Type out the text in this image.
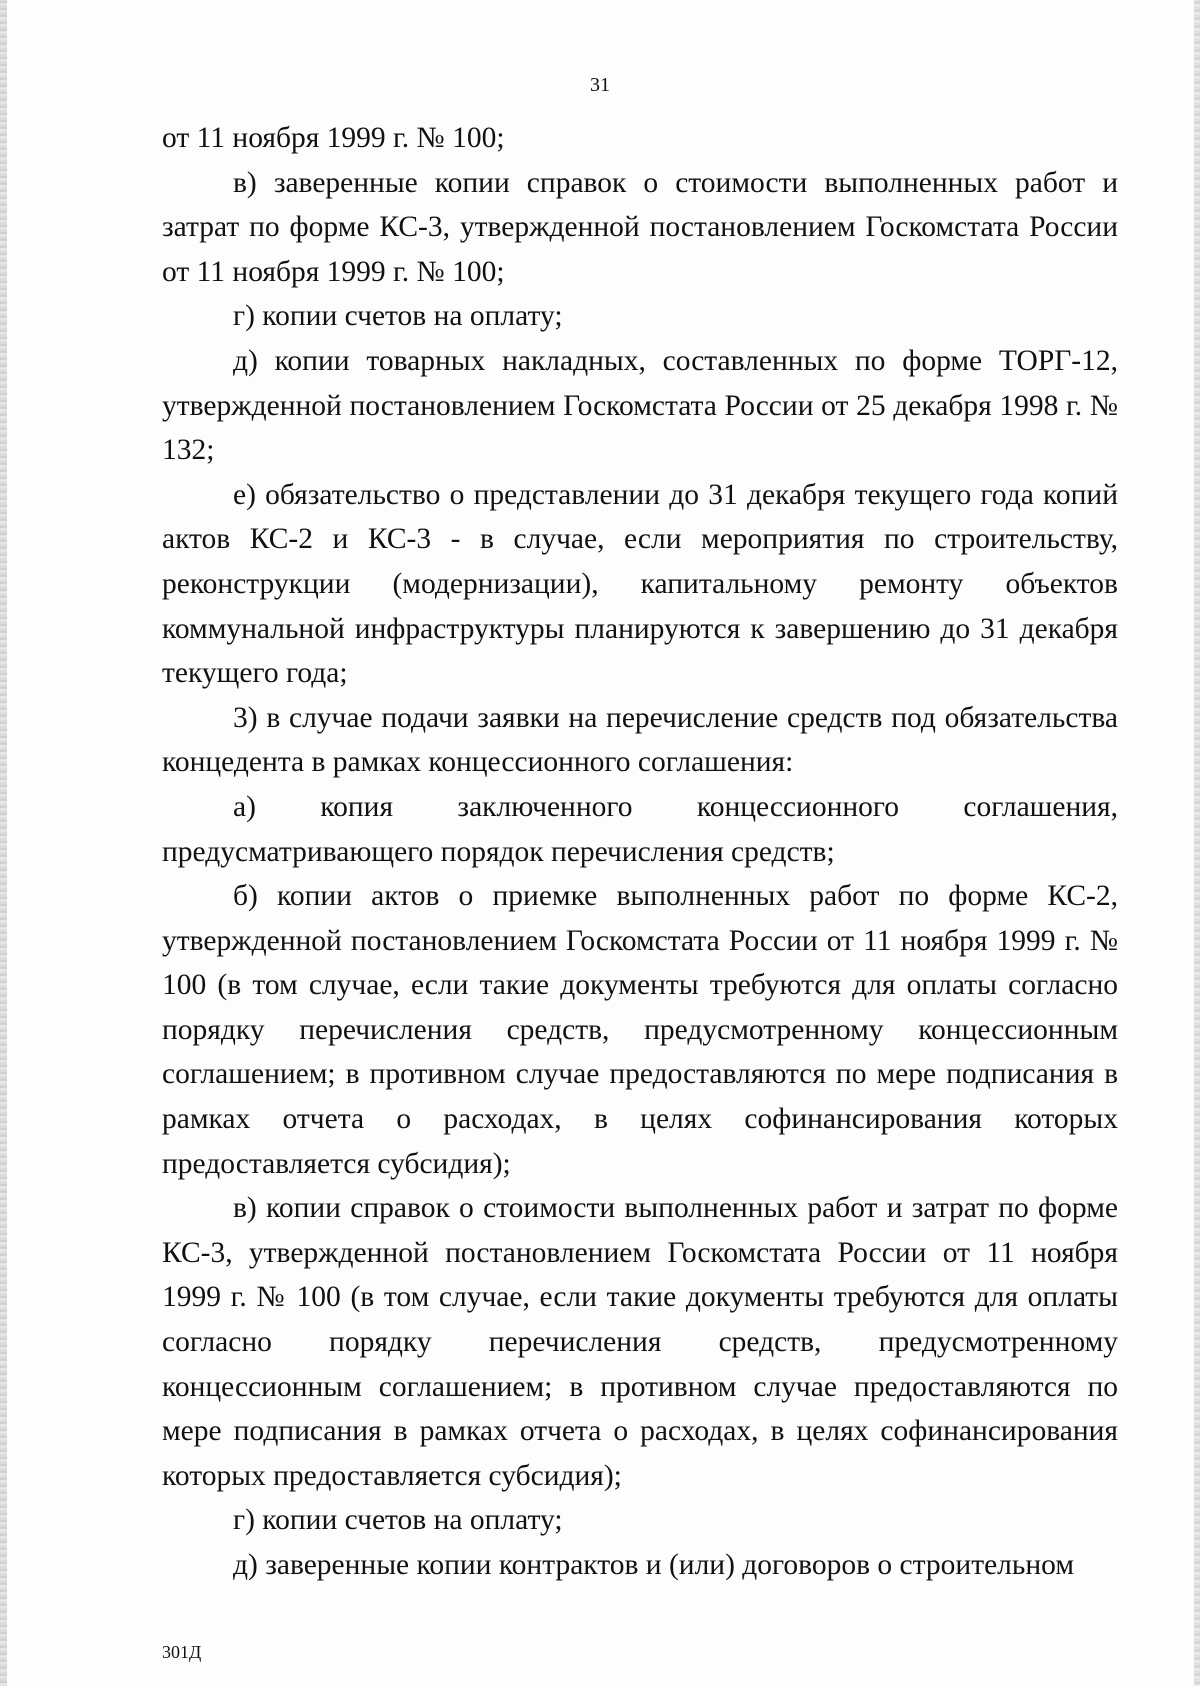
31

от 11 ноября 1999 г. № 100;

в) заверенные копии справок о стоимости выполненных работ и затрат по форме КС-3, утвержденной постановлением Госкомстата России от 11 ноября 1999 г. № 100;

г) копии счетов на оплату;

д) копии товарных накладных, составленных по форме ТОРГ-12, утвержденной постановлением Госкомстата России от 25 декабря 1998 г. № 132;

е) обязательство о представлении до 31 декабря текущего года копий актов КС-2 и КС-3 - в случае, если мероприятия по строительству, реконструкции (модернизации), капитальному ремонту объектов коммунальной инфраструктуры планируются к завершению до 31 декабря текущего года;

3) в случае подачи заявки на перечисление средств под обязательства концедента в рамках концессионного соглашения:

а) копия заключенного концессионного соглашения, предусматривающего порядок перечисления средств;

б) копии актов о приемке выполненных работ по форме КС-2, утвержденной постановлением Госкомстата России от 11 ноября 1999 г. № 100 (в том случае, если такие документы требуются для оплаты согласно порядку перечисления средств, предусмотренному концессионным соглашением; в противном случае предоставляются по мере подписания в рамках отчета о расходах, в целях софинансирования которых предоставляется субсидия);

в) копии справок о стоимости выполненных работ и затрат по форме КС-3, утвержденной постановлением Госкомстата России от 11 ноября 1999 г. № 100 (в том случае, если такие документы требуются для оплаты согласно порядку перечисления средств, предусмотренному концессионным соглашением; в противном случае предоставляются по мере подписания в рамках отчета о расходах, в целях софинансирования которых предоставляется субсидия);

г) копии счетов на оплату;

д) заверенные копии контрактов и (или) договоров о строительном

301Д
